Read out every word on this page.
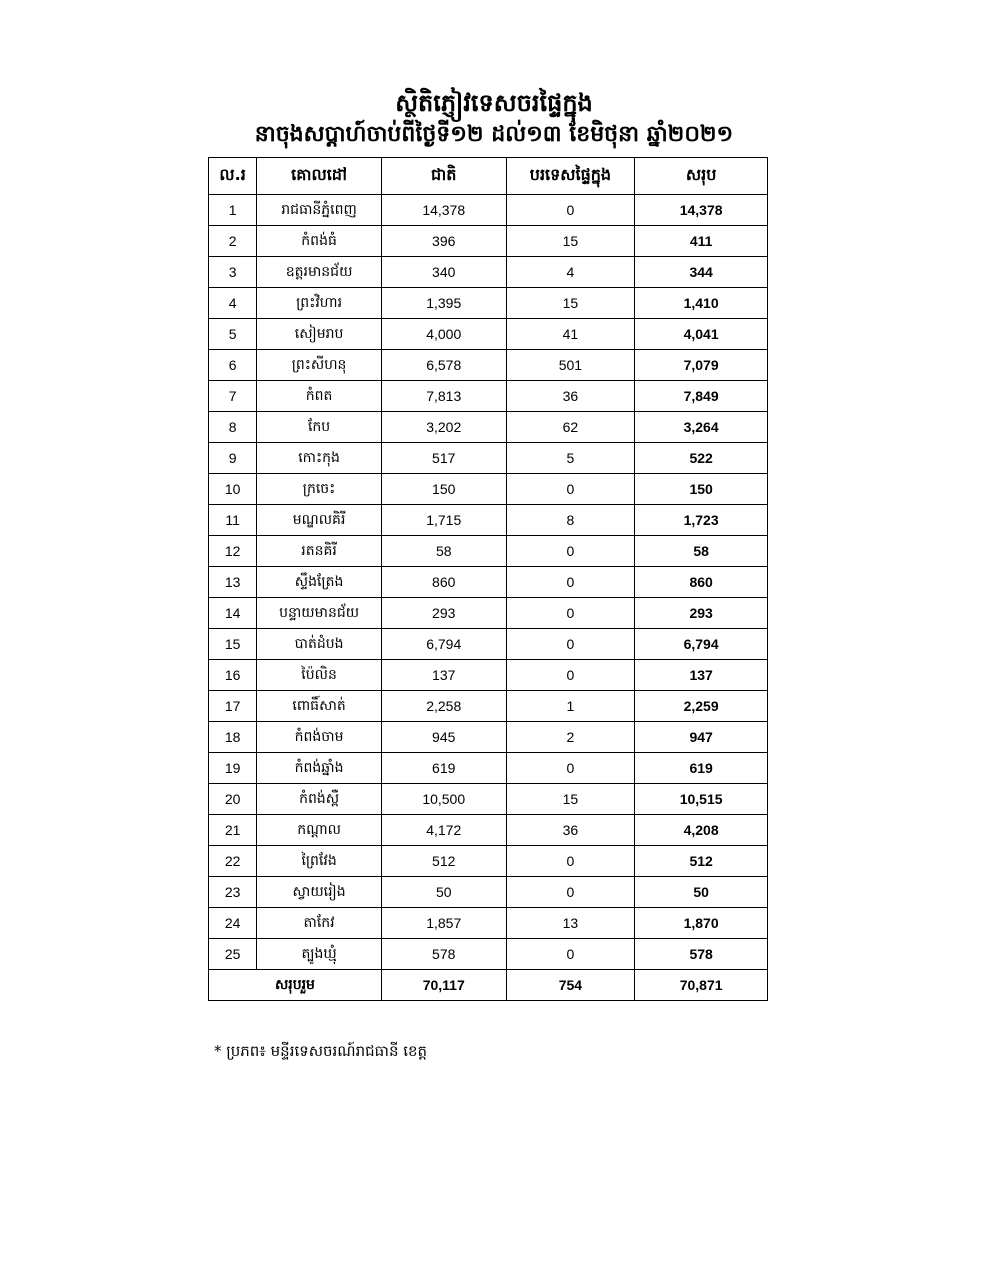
ស្ថិតិភ្ញៀវទេសចរផ្ទៃក្នុង
នាចុងសប្តាហ៍ចាប់ពីថ្ងៃទី១២ ដល់១៣ ខែមិថុនា ឆ្នាំ២០២១
ល.រ	គោលដៅ	ជាតិ	បរទេសផ្ទៃក្នុង	សរុប
1	រាជធានីភ្នំពេញ	14,378	0	14,378
2	កំពង់ធំ	396	15	411
3	ឧត្តរមានជ័យ	340	4	344
4	ព្រះវិហារ	1,395	15	1,410
5	សៀមរាប	4,000	41	4,041
6	ព្រះសីហនុ	6,578	501	7,079
7	កំពត	7,813	36	7,849
8	កែប	3,202	62	3,264
9	កោះកុង	517	5	522
10	ក្រចេះ	150	0	150
11	មណ្ឌលគិរី	1,715	8	1,723
12	រតនគិរី	58	0	58
13	ស្ទឹងត្រែង	860	0	860
14	បន្ទាយមានជ័យ	293	0	293
15	បាត់ដំបង	6,794	0	6,794
16	ប៉ៃលិន	137	0	137
17	ពោធិ៍សាត់	2,258	1	2,259
18	កំពង់ចាម	945	2	947
19	កំពង់ឆ្នាំង	619	0	619
20	កំពង់ស្ពឺ	10,500	15	10,515
21	កណ្តាល	4,172	36	4,208
22	ព្រៃវែង	512	0	512
23	ស្វាយរៀង	50	0	50
24	តាកែវ	1,857	13	1,870
25	ត្បូងឃ្មុំ	578	0	578
សរុបរួម		70,117	754	70,871
* ប្រភព៖ មន្ទីរទេសចរណ៍រាជធានី ខេត្ត
